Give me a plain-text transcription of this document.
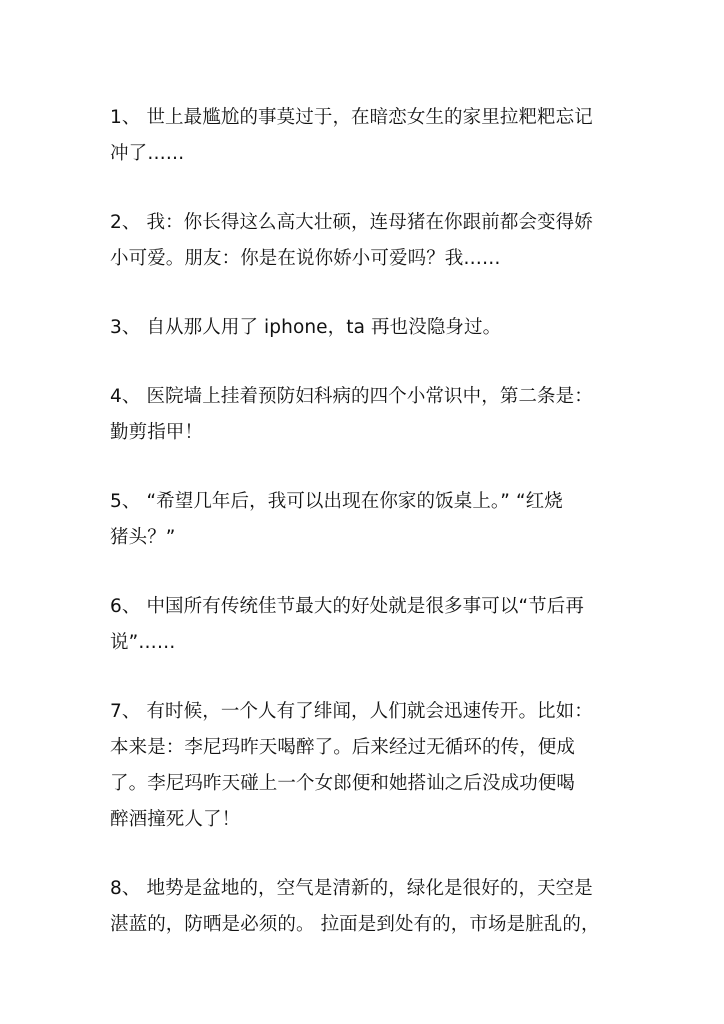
1、 世上最尴尬的事莫过于，在暗恋女生的家里拉粑粑忘记
冲了……
2、 我：你长得这么高大壮硕，连母猪在你跟前都会变得娇
小可爱。朋友：你是在说你娇小可爱吗？我……
3、 自从那人用了 iphone，ta 再也没隐身过。
4、 医院墙上挂着预防妇科病的四个小常识中，第二条是：
勤剪指甲！
5、 “希望几年后，我可以出现在你家的饭桌上。” “红烧
猪头？”
6、 中国所有传统佳节最大的好处就是很多事可以“节后再
说”……
7、 有时候，一个人有了绯闻，人们就会迅速传开。比如：
本来是：李尼玛昨天喝醉了。后来经过无循环的传，便成
了。李尼玛昨天碰上一个女郎便和她搭讪之后没成功便喝
醉酒撞死人了！
8、 地势是盆地的，空气是清新的，绿化是很好的，天空是
湛蓝的，防晒是必须的。 拉面是到处有的，市场是脏乱的，
